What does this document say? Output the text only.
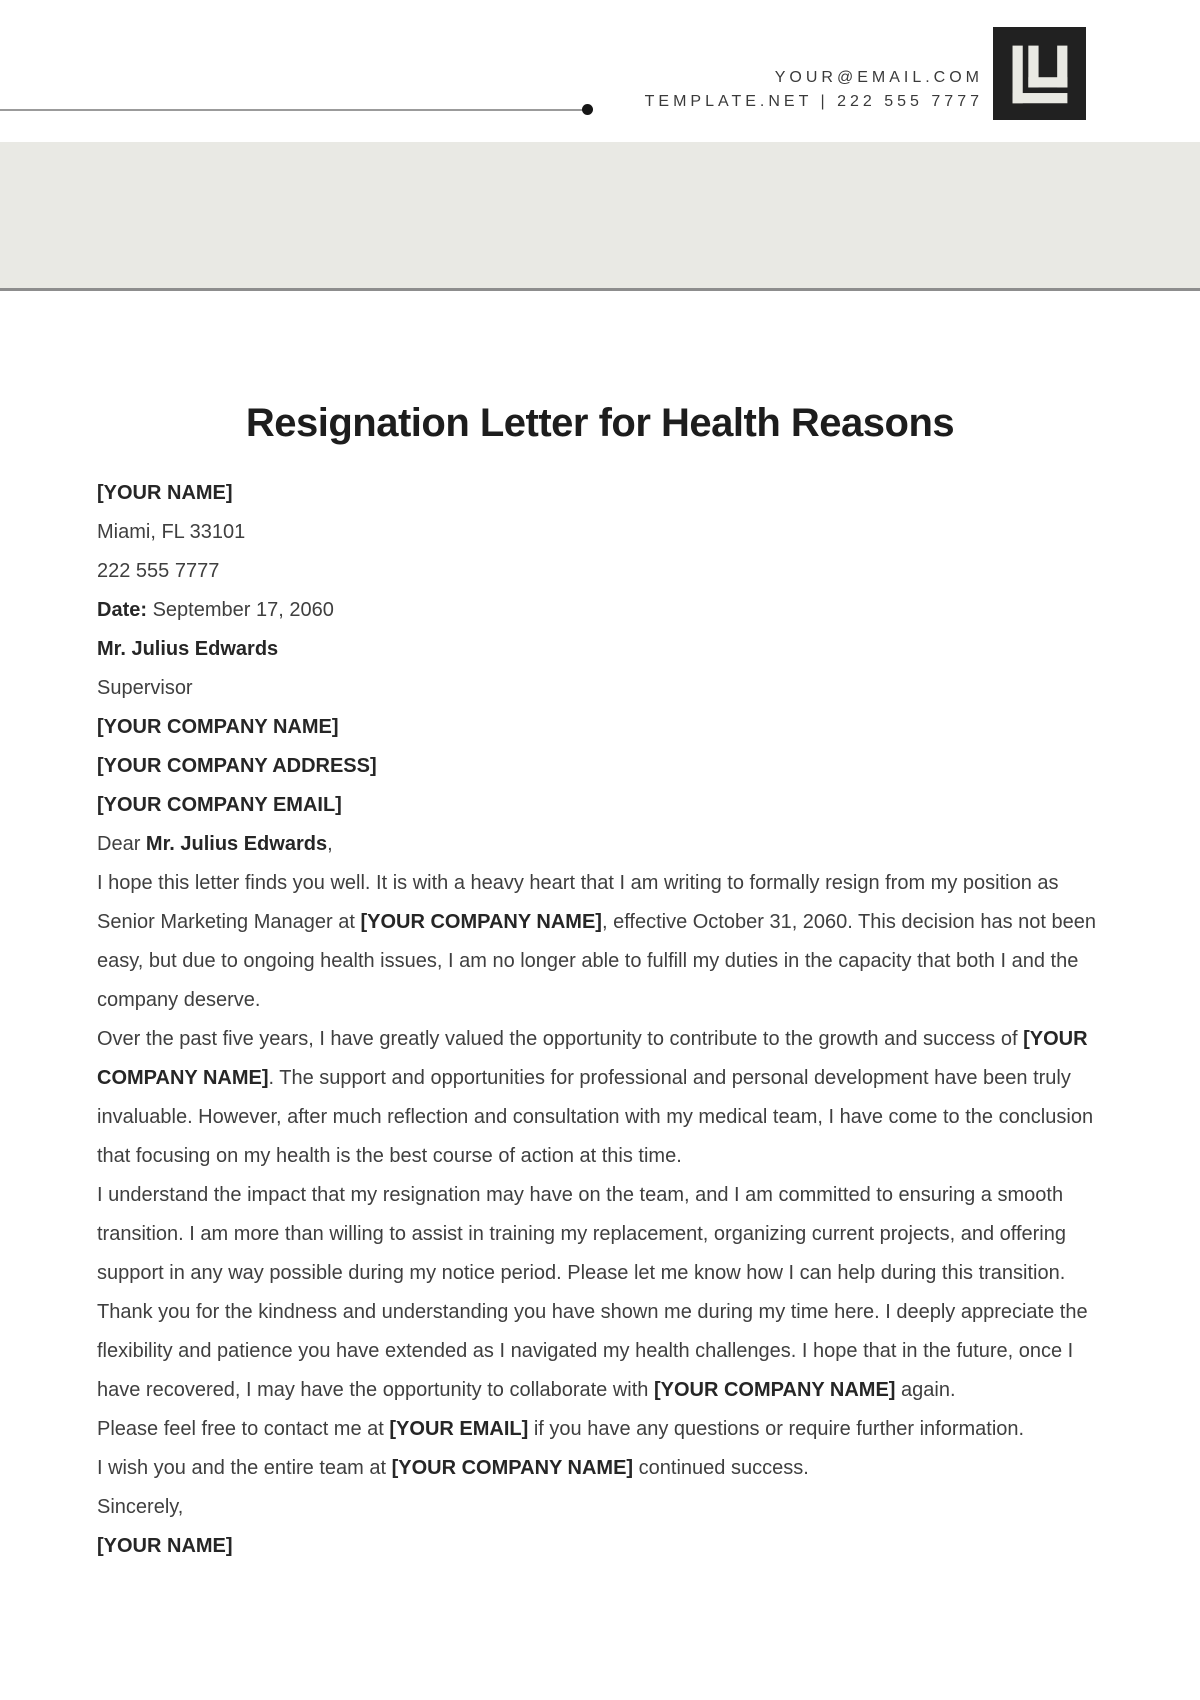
YOUR@EMAIL.COM
TEMPLATE.NET | 222 555 7777
Resignation Letter for Health Reasons

[YOUR NAME]

Miami, FL 33101

222 555 7777

Date: September 17, 2060

Mr. Julius Edwards

Supervisor

[YOUR COMPANY NAME]

[YOUR COMPANY ADDRESS]

[YOUR COMPANY EMAIL]

Dear Mr. Julius Edwards,

I hope this letter finds you well. It is with a heavy heart that I am writing to formally resign from my position as Senior Marketing Manager at [YOUR COMPANY NAME], effective October 31, 2060. This decision has not been easy, but due to ongoing health issues, I am no longer able to fulfill my duties in the capacity that both I and the company deserve.

Over the past five years, I have greatly valued the opportunity to contribute to the growth and success of [YOUR COMPANY NAME]. The support and opportunities for professional and personal development have been truly invaluable. However, after much reflection and consultation with my medical team, I have come to the conclusion that focusing on my health is the best course of action at this time.

I understand the impact that my resignation may have on the team, and I am committed to ensuring a smooth transition. I am more than willing to assist in training my replacement, organizing current projects, and offering support in any way possible during my notice period. Please let me know how I can help during this transition.

Thank you for the kindness and understanding you have shown me during my time here. I deeply appreciate the flexibility and patience you have extended as I navigated my health challenges. I hope that in the future, once I have recovered, I may have the opportunity to collaborate with [YOUR COMPANY NAME] again.

Please feel free to contact me at [YOUR EMAIL] if you have any questions or require further information.

I wish you and the entire team at [YOUR COMPANY NAME] continued success.

Sincerely,

[YOUR NAME]
